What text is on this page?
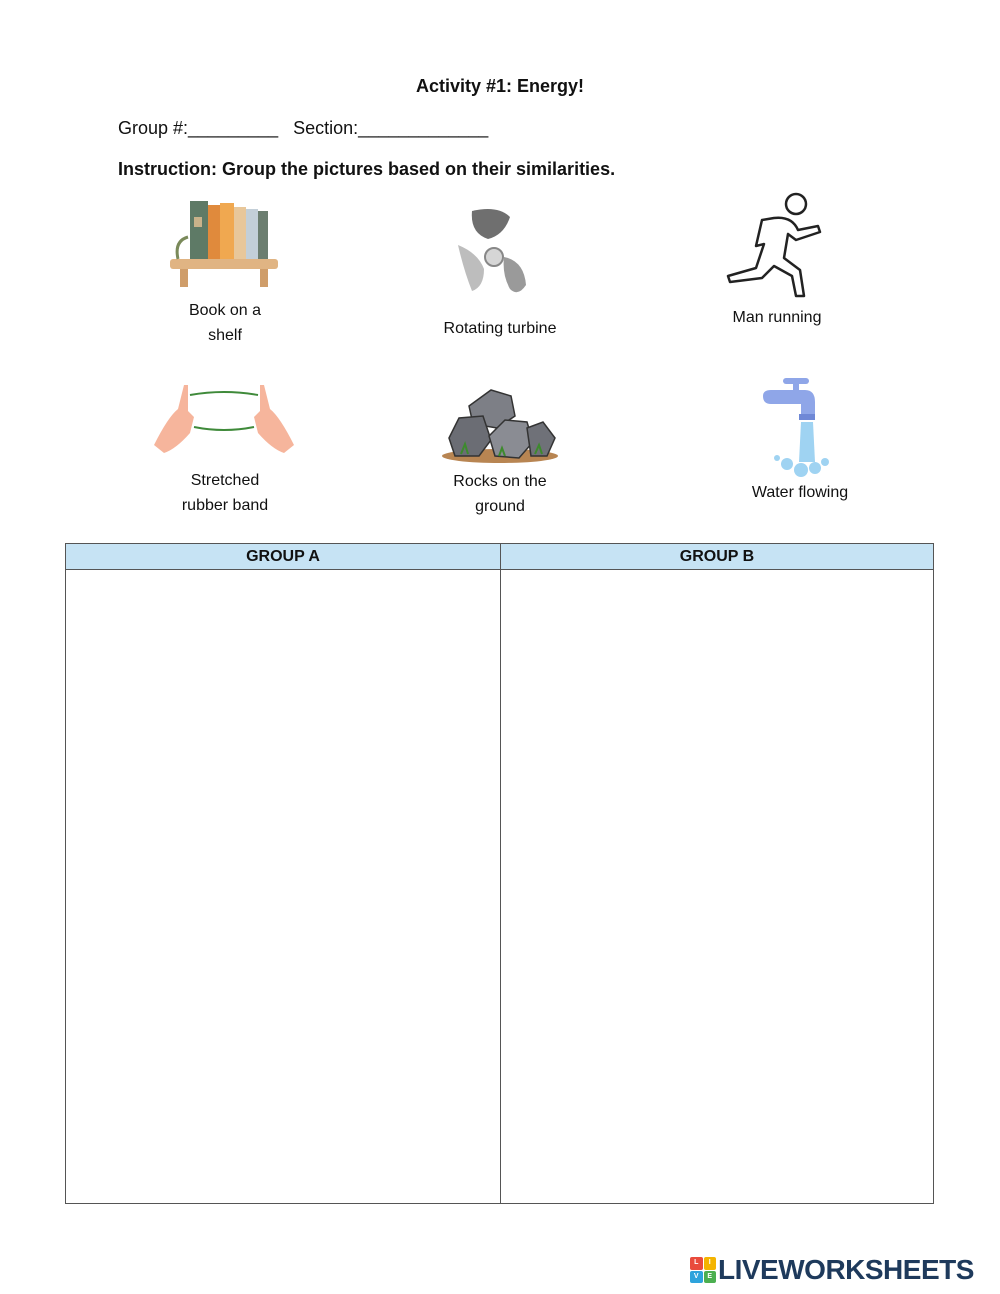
Activity #1: Energy!
Group #:_________   Section:_____________
Instruction: Group the pictures based on their similarities.
Book on a
shelf	Rotating turbine
Man running
Stretched
rubber band
Rocks on the
ground
Water flowing
GROUP A	GROUP B
L	I
V	E LIVEWORKSHEETS
